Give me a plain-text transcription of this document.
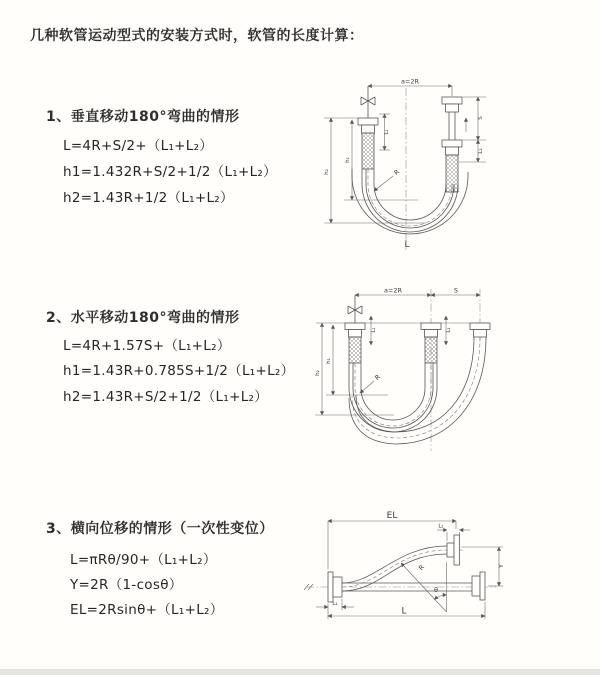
几种软管运动型式的安装方式时，软管的长度计算：
1、垂直移动180°弯曲的情形
L=4R+S/2+（L₁+L₂）
h1=1.432R+S/2+1/2（L₁+L₂）
h2=1.43R+1/2（L₁+L₂）
2、水平移动180°弯曲的情形
L=4R+1.57S+（L₁+L₂）
h1=1.43R+0.785S+1/2（L₁+L₂）
h2=1.43R+S/2+1/2（L₁+L₂）
3、横向位移的情形（一次性变位）
L=πRθ/90+（L₁+L₂）
Y=2R（1-cosθ）
EL=2Rsinθ+（L₁+L₂）
a=2R
L₁
S
L₂
h₁
h₂	R
L
a=2R	S
L₁	L₁
h₁
h₂	R
EL
L₁
Y
R
θ
L
L₁
